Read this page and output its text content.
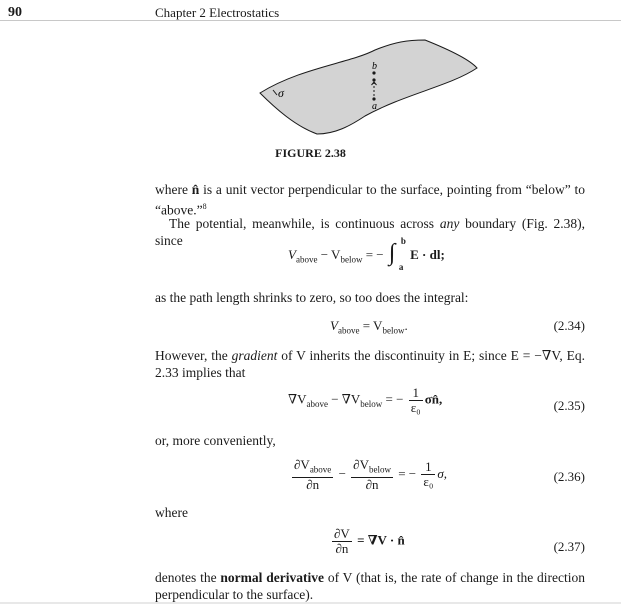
90	Chapter 2 Electrostatics
σ
b
a
FIGURE 2.38
where n̂ is a unit vector perpendicular to the surface, pointing from “below” to “above.”$^8$
The potential, meanwhile, is continuous across any boundary (Fig. 2.38), since
$V_{above} - V_{below}$ = − ∫ b
a
E · dl;
as the path length shrinks to zero, so too does the integral:
$V_{above} = V_{below}$.	(2.34)
However, the gradient of V inherits the discontinuity in E; since E = −∇V, Eq. 2.33 implies that
$\nabla V_{above} - \nabla V_{below}$ = − $\frac{1}{\text{ε₀}}$ σn̂,	(2.35)
or, more conveniently,
$\frac{\partial V_{above}}{\partial n} - \frac{\partial V_{below}}{\partial n}$ = − $\frac{1}{\text{ε₀}} \sigma$,	(2.36)
where
$\frac{\partial V}{\partial n} = \nabla V$ · n̂	(2.37)
denotes the normal derivative of V (that is, the rate of change in the direction perpendicular to the surface).
